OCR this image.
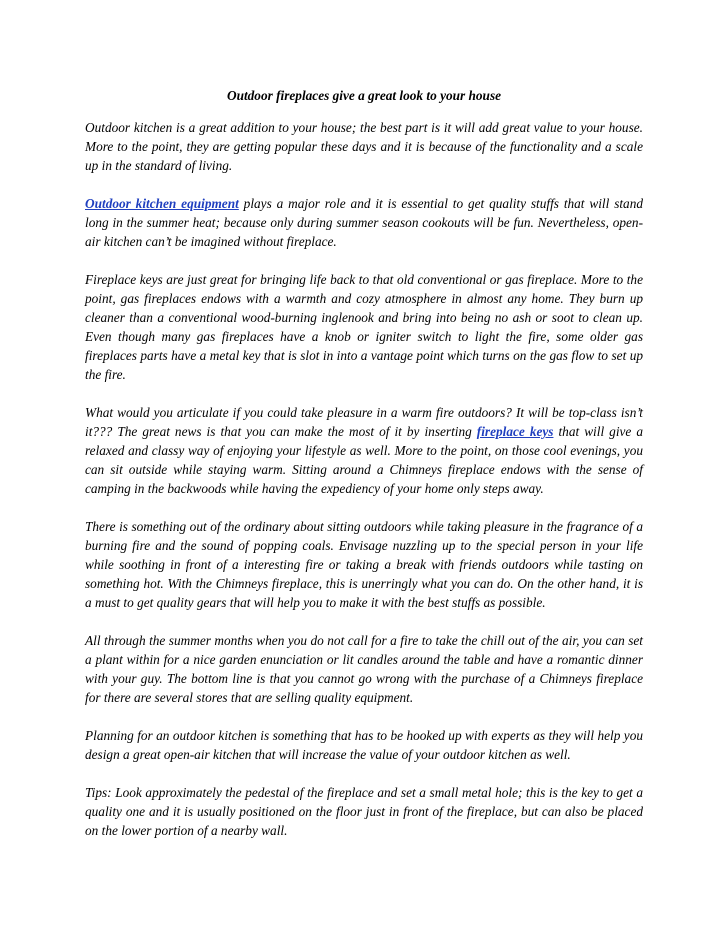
Outdoor fireplaces give a great look to your house

Outdoor kitchen is a great addition to your house; the best part is it will add great value to your house. More to the point, they are getting popular these days and it is because of the functionality and a scale up in the standard of living.

Outdoor kitchen equipment plays a major role and it is essential to get quality stuffs that will stand long in the summer heat; because only during summer season cookouts will be fun. Nevertheless, open-air kitchen can’t be imagined without fireplace.

Fireplace keys are just great for bringing life back to that old conventional or gas fireplace. More to the point, gas fireplaces endows with a warmth and cozy atmosphere in almost any home. They burn up cleaner than a conventional wood-burning inglenook and bring into being no ash or soot to clean up. Even though many gas fireplaces have a knob or igniter switch to light the fire, some older gas fireplaces parts have a metal key that is slot in into a vantage point which turns on the gas flow to set up the fire.

What would you articulate if you could take pleasure in a warm fire outdoors? It will be top-class isn’t it??? The great news is that you can make the most of it by inserting fireplace keys that will give a relaxed and classy way of enjoying your lifestyle as well. More to the point, on those cool evenings, you can sit outside while staying warm. Sitting around a Chimneys fireplace endows with the sense of camping in the backwoods while having the expediency of your home only steps away.

There is something out of the ordinary about sitting outdoors while taking pleasure in the fragrance of a burning fire and the sound of popping coals. Envisage nuzzling up to the special person in your life while soothing in front of a interesting fire or taking a break with friends outdoors while tasting on something hot. With the Chimneys fireplace, this is unerringly what you can do. On the other hand, it is a must to get quality gears that will help you to make it with the best stuffs as possible.

All through the summer months when you do not call for a fire to take the chill out of the air, you can set a plant within for a nice garden enunciation or lit candles around the table and have a romantic dinner with your guy. The bottom line is that you cannot go wrong with the purchase of a Chimneys fireplace for there are several stores that are selling quality equipment.

Planning for an outdoor kitchen is something that has to be hooked up with experts as they will help you design a great open-air kitchen that will increase the value of your outdoor kitchen as well.

Tips: Look approximately the pedestal of the fireplace and set a small metal hole; this is the key to get a quality one and it is usually positioned on the floor just in front of the fireplace, but can also be placed on the lower portion of a nearby wall.
